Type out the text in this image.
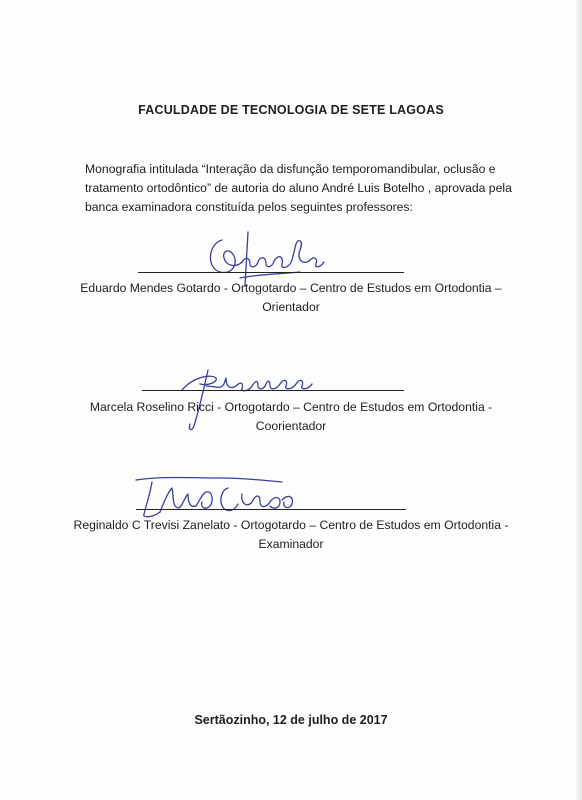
FACULDADE DE TECNOLOGIA DE SETE LAGOAS
Monografia intitulada “Interação da disfunção temporomandibular, oclusão e
tratamento ortodôntico” de autoria do aluno André Luis Botelho , aprovada pela
banca examinadora constituída pelos seguintes professores:
Eduardo Mendes Gotardo - Ortogotardo – Centro de Estudos em Ortodontia –
Orientador
Marcela Roselino Ricci - Ortogotardo – Centro de Estudos em Ortodontia -
Coorientador
Reginaldo C Trevisi Zanelato - Ortogotardo – Centro de Estudos em Ortodontia -
Examinador
Sertãozinho, 12 de julho de 2017
